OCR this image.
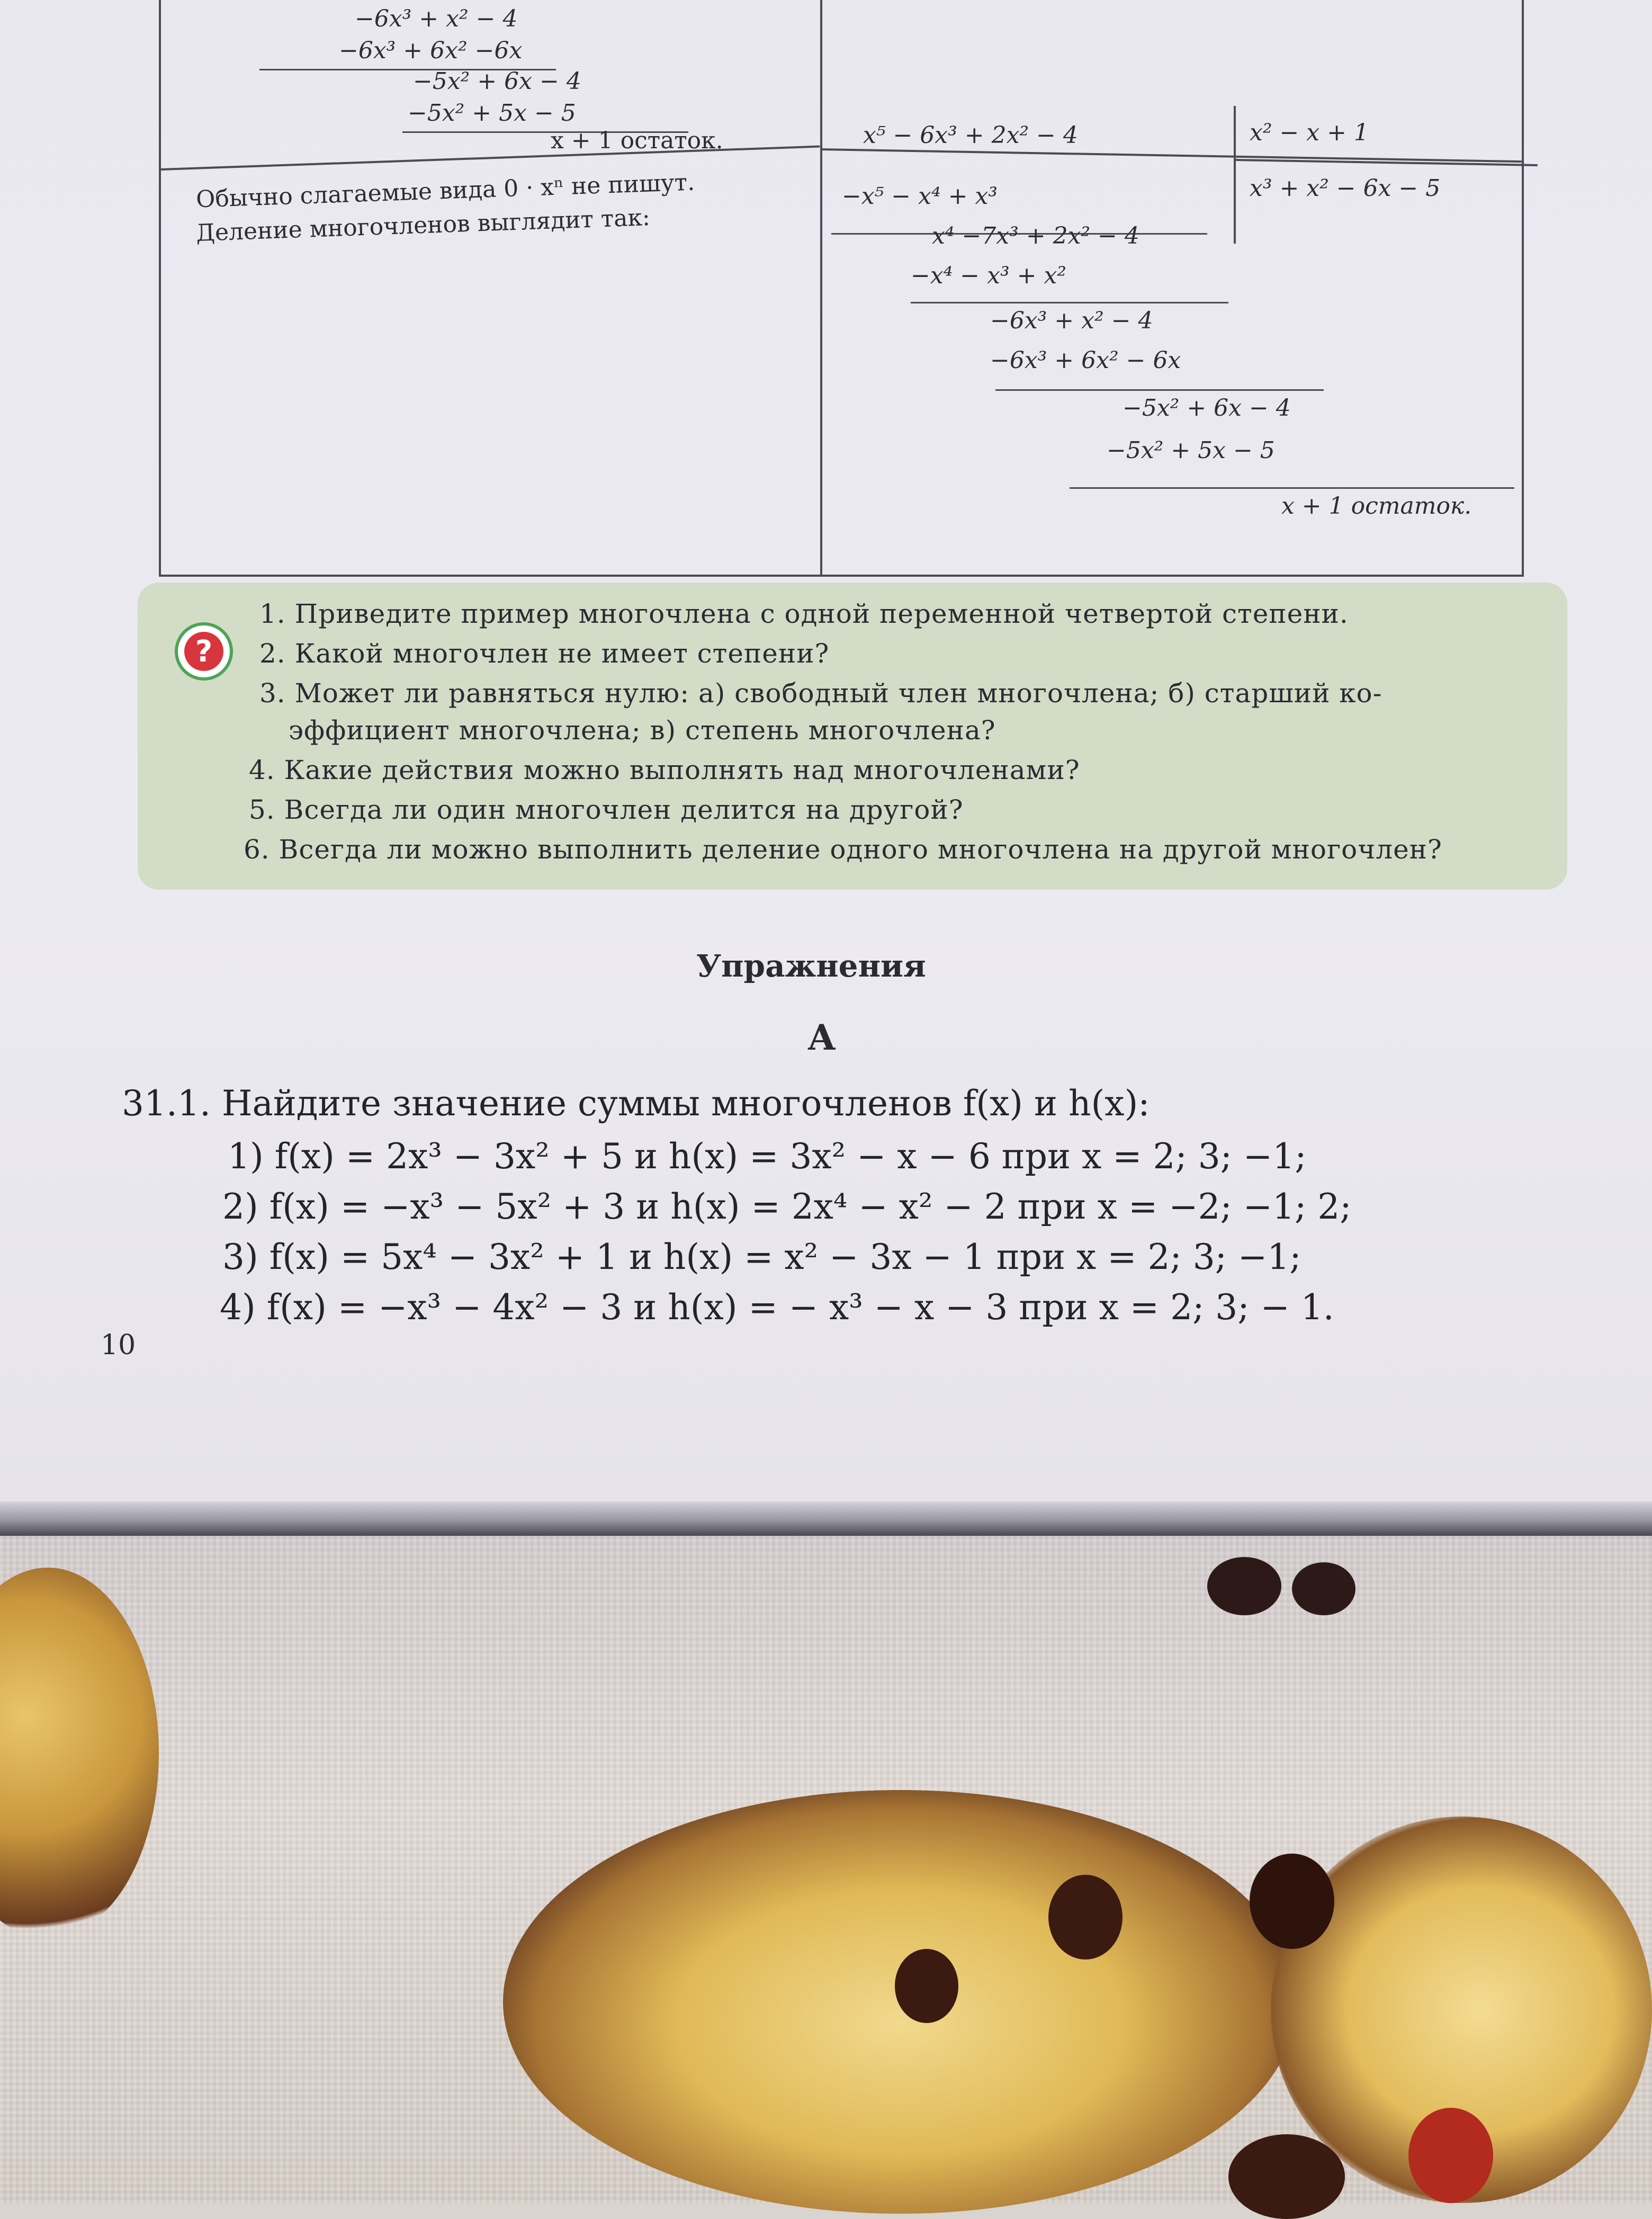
−6x³ + x² − 4
−6x³ + 6x² −6x
−5x² + 6x − 4
−5x² + 5x − 5
x + 1 остаток.
Обычно слагаемые вида 0 · xⁿ не пишут.
Деление многочленов выглядит так:
x⁵ − 6x³ + 2x² − 4	x² − x + 1
x³ + x² − 6x − 5
−x⁵ − x⁴ + x³
x⁴ −7x³ + 2x² − 4
−x⁴ − x³ + x²
−6x³ + x² − 4
−6x³ + 6x² − 6x
−5x² + 6x − 4
−5x² + 5x − 5
x + 1 остаток.
?
1. Приведите пример многочлена с одной переменной четвертой степени.
2. Какой многочлен не имеет степени?
3. Может ли равняться нулю: а) свободный член многочлена; б) старший ко-
эффициент многочлена; в) степень многочлена?
4. Какие действия можно выполнять над многочленами?
5. Всегда ли один многочлен делится на другой?
6. Всегда ли можно выполнить деление одного многочлена на другой многочлен?
Упражнения
А
31.1. Найдите значение суммы многочленов f(x) и h(x):
1) f(x) = 2x³ − 3x² + 5 и h(x) = 3x² − x − 6 при x = 2; 3; −1;
2) f(x) = −x³ − 5x² + 3 и h(x) = 2x⁴ − x² − 2 при x = −2; −1; 2;
3) f(x) = 5x⁴ − 3x² + 1 и h(x) = x² − 3x − 1 при x = 2; 3; −1;
4) f(x) = −x³ − 4x² − 3 и h(x) = − x³ − x − 3 при x = 2; 3; − 1.
10
